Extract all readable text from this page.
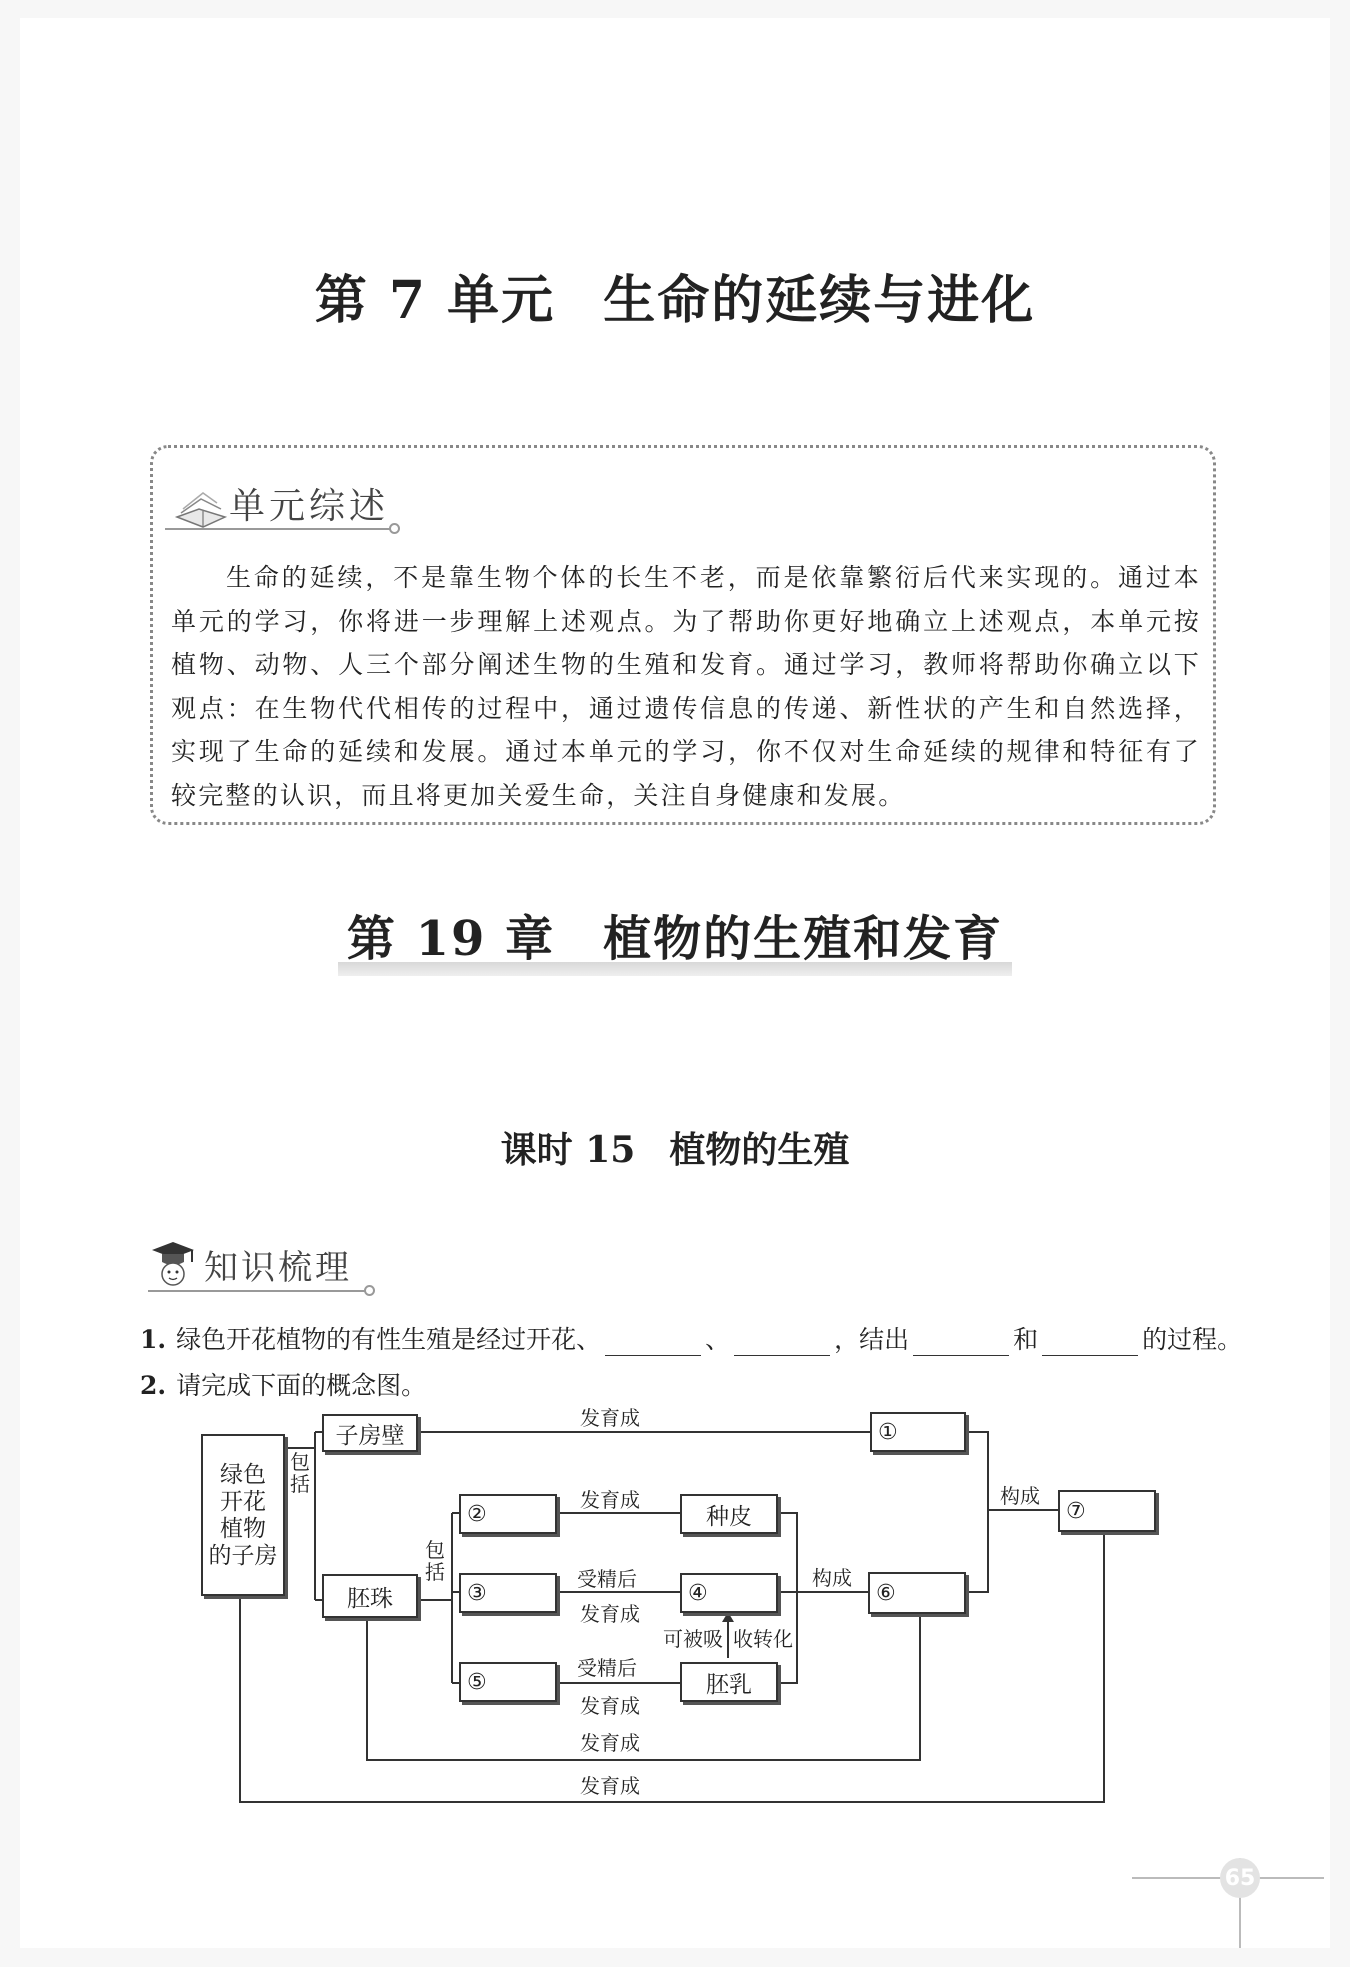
第 7 单元 生命的延续与进化
单元综述
生命的延续，不是靠生物个体的长生不老，而是依靠繁衍后代来实现的。通过本单元的学习，你将进一步理解上述观点。为了帮助你更好地确立上述观点，本单元按植物、动物、人三个部分阐述生物的生殖和发育。通过学习，教师将帮助你确立以下观点：在生物代代相传的过程中，通过遗传信息的传递、新性状的产生和自然选择，实现了生命的延续和发展。通过本单元的学习，你不仅对生命延续的规律和特征有了较完整的认识，而且将更加关爱生命，关注自身健康和发展。
第 19 章 植物的生殖和发育
课时 15 植物的生殖
知识梳理
1. 绿色开花植物的有性生殖是经过开花、	、	，结出	和	的过程。
2. 请完成下面的概念图。
绿色
开花
植物
的子房
包
括
子房壁
胚珠
包
括
②
③
⑤
种皮
④
胚乳
①
⑥
⑦
发育成
发育成
受精后
发育成
受精后
发育成
发育成
发育成
构成
构成
可被吸 收转化
65
